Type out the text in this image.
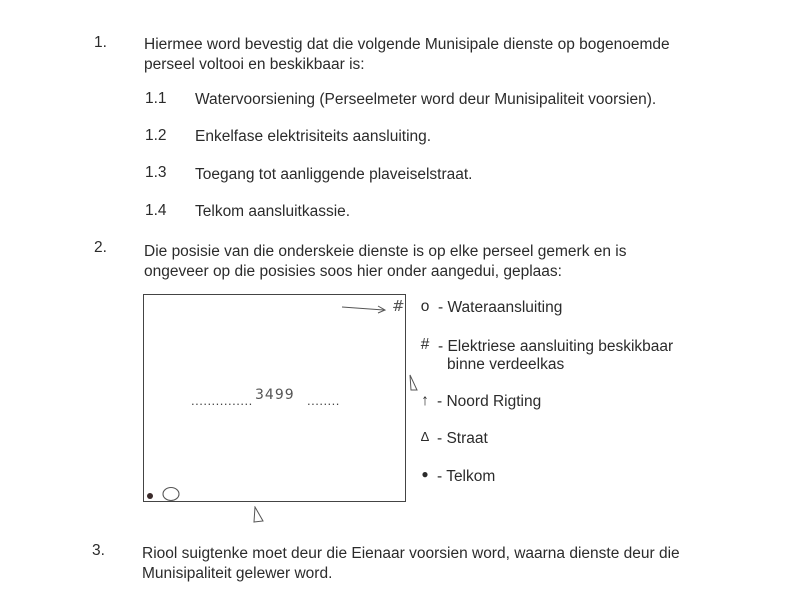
1. Hiermee word bevestig dat die volgende Munisipale dienste op bogenoemde
perseel voltooi en beskikbaar is:
1.1 Watervoorsiening (Perseelmeter word deur Munisipaliteit voorsien).
1.2 Enkelfase elektrisiteits aansluiting.
1.3 Toegang tot aanliggende plaveiselstraat.
1.4 Telkom aansluitkassie.
2. Die posisie van die onderskeie dienste is op elke perseel gemerk en is
ongeveer op die posisies soos hier onder aangedui, geplaas:
#
............... 3499 ........
o - Wateraansluiting
# - Elektriese aansluiting beskikbaar
binne verdeelkas
↑ - Noord Rigting
Δ - Straat
● - Telkom
3. Riool suigtenke moet deur die Eienaar voorsien word, waarna dienste deur die
Munisipaliteit gelewer word.
